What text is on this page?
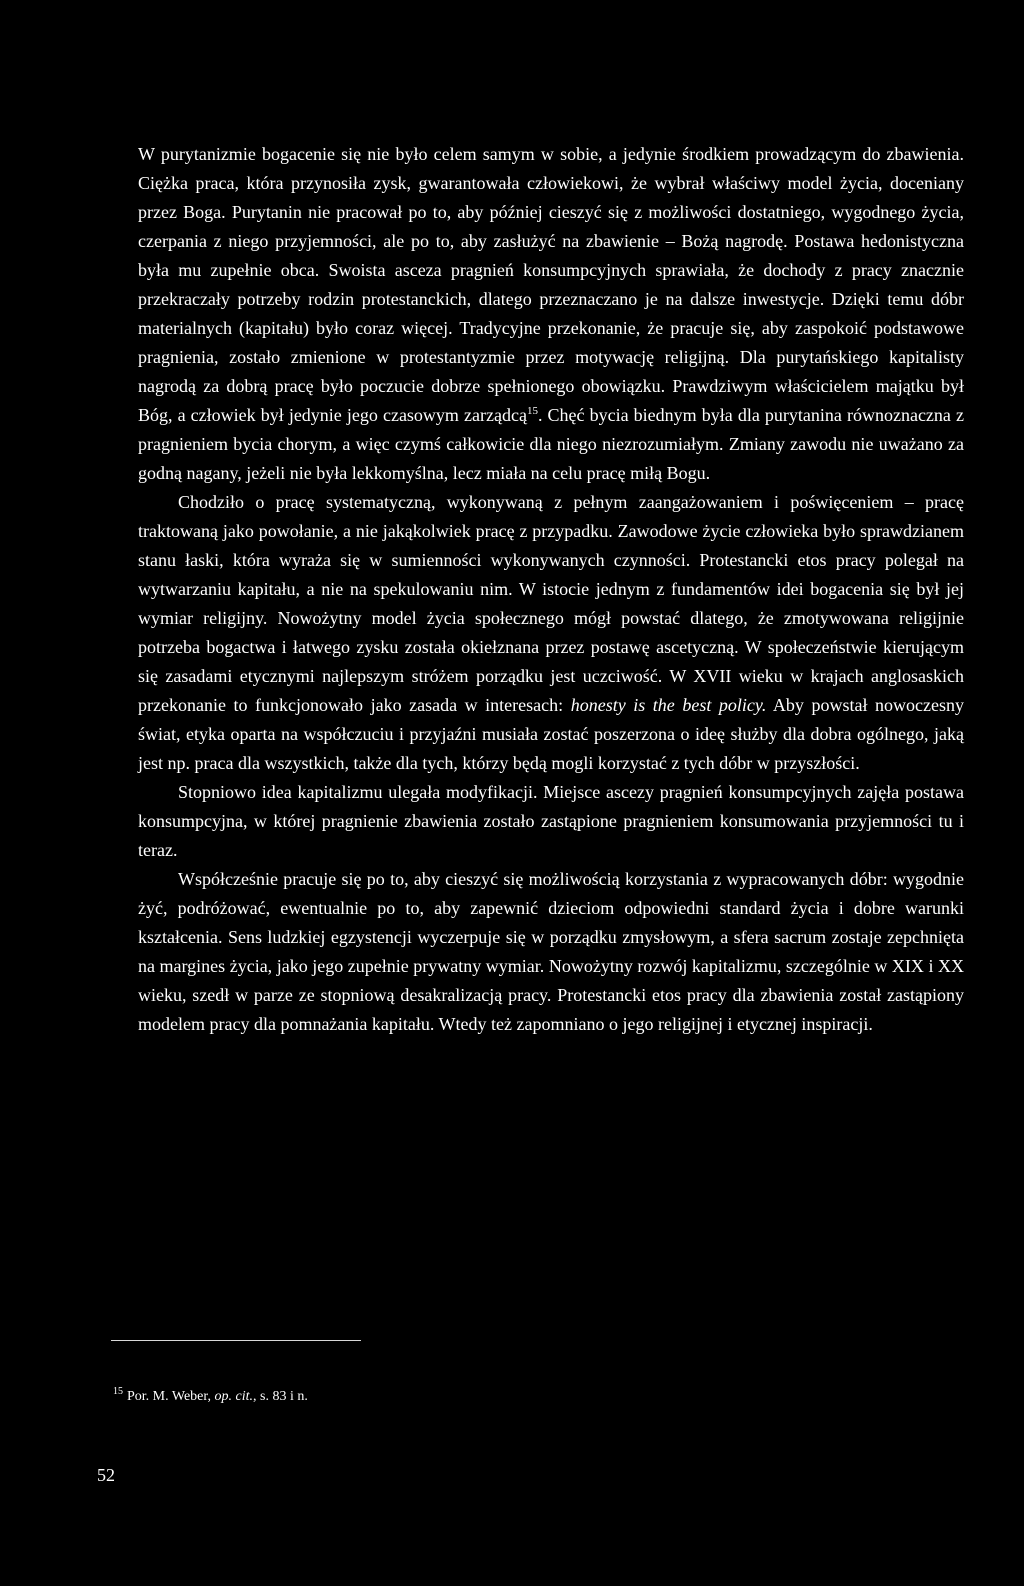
W purytanizmie bogacenie się nie było celem samym w sobie, a jedynie środkiem prowadzącym do zbawienia. Ciężka praca, która przynosiła zysk, gwarantowała człowiekowi, że wybrał właściwy model życia, doceniany przez Boga. Purytanin nie pracował po to, aby później cieszyć się z możliwości dostatniego, wygodnego życia, czerpania z niego przyjemności, ale po to, aby zasłużyć na zbawienie – Bożą nagrodę. Postawa hedonistyczna była mu zupełnie obca. Swoista asceza pragnień konsumpcyjnych sprawiała, że dochody z pracy znacznie przekraczały potrzeby rodzin protestanckich, dlatego przeznaczano je na dalsze inwestycje. Dzięki temu dóbr materialnych (kapitału) było coraz więcej. Tradycyjne przekonanie, że pracuje się, aby zaspokoić podstawowe pragnienia, zostało zmienione w protestantyzmie przez motywację religijną. Dla purytańskiego kapitalisty nagrodą za dobrą pracę było poczucie dobrze spełnionego obowiązku. Prawdziwym właścicielem majątku był Bóg, a człowiek był jedynie jego czasowym zarządcą$^{15}$. Chęć bycia biednym była dla purytanina równoznaczna z pragnieniem bycia chorym, a więc czymś całkowicie dla niego niezrozumiałym. Zmiany zawodu nie uważano za godną nagany, jeżeli nie była lekkomyślna, lecz miała na celu pracę miłą Bogu.

Chodziło o pracę systematyczną, wykonywaną z pełnym zaangażowaniem i poświęceniem – pracę traktowaną jako powołanie, a nie jakąkolwiek pracę z przypadku. Zawodowe życie człowieka było sprawdzianem stanu łaski, która wyraża się w sumienności wykonywanych czynności. Protestancki etos pracy polegał na wytwarzaniu kapitału, a nie na spekulowaniu nim. W istocie jednym z fundamentów idei bogacenia się był jej wymiar religijny. Nowożytny model życia społecznego mógł powstać dlatego, że zmotywowana religijnie potrzeba bogactwa i łatwego zysku została okiełznana przez postawę ascetyczną. W społeczeństwie kierującym się zasadami etycznymi najlepszym stróżem porządku jest uczciwość. W XVII wieku w krajach anglosaskich przekonanie to funkcjonowało jako zasada w interesach: honesty is the best policy. Aby powstał nowoczesny świat, etyka oparta na współczuciu i przyjaźni musiała zostać poszerzona o ideę służby dla dobra ogólnego, jaką jest np. praca dla wszystkich, także dla tych, którzy będą mogli korzystać z tych dóbr w przyszłości.

Stopniowo idea kapitalizmu ulegała modyfikacji. Miejsce ascezy pragnień konsumpcyjnych zajęła postawa konsumpcyjna, w której pragnienie zbawienia zostało zastąpione pragnieniem konsumowania przyjemności tu i teraz.

Współcześnie pracuje się po to, aby cieszyć się możliwością korzystania z wypracowanych dóbr: wygodnie żyć, podróżować, ewentualnie po to, aby zapewnić dzieciom odpowiedni standard życia i dobre warunki kształcenia. Sens ludzkiej egzystencji wyczerpuje się w porządku zmysłowym, a sfera sacrum zostaje zepchnięta na margines życia, jako jego zupełnie prywatny wymiar. Nowożytny rozwój kapitalizmu, szczególnie w XIX i XX wieku, szedł w parze ze stopniową desakralizacją pracy. Protestancki etos pracy dla zbawienia został zastąpiony modelem pracy dla pomnażania kapitału. Wtedy też zapomniano o jego religijnej i etycznej inspiracji.

$^{15}$ Por. M. Weber, op. cit., s. 83 i n.
52
